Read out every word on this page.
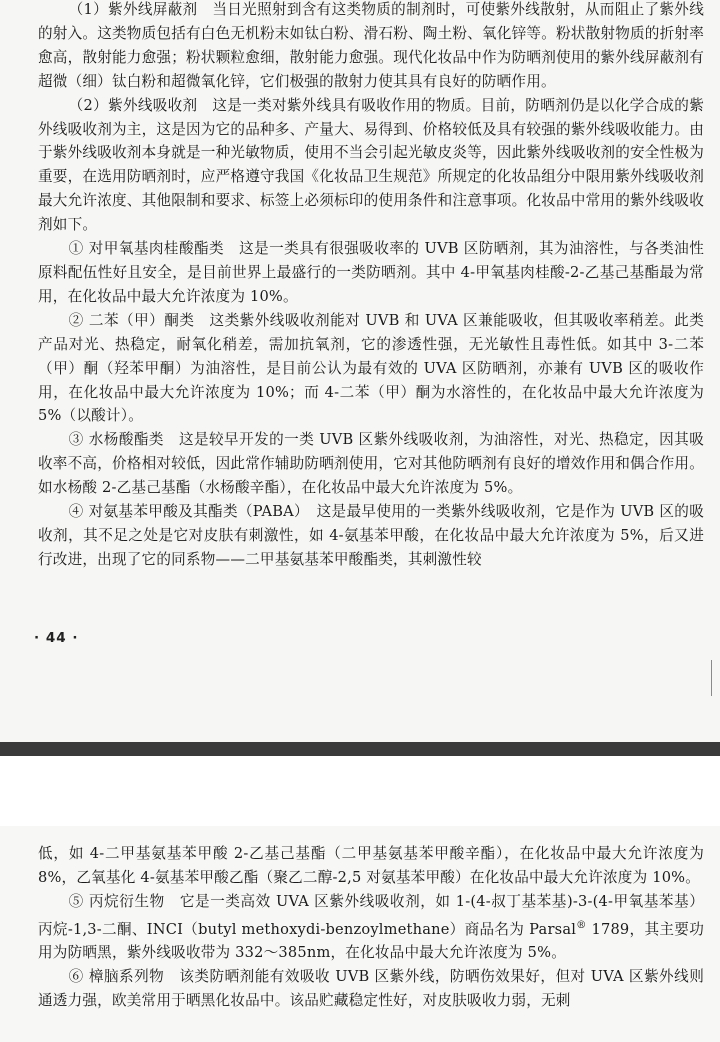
（1）紫外线屏蔽剂　当日光照射到含有这类物质的制剂时，可使紫外线散射，从而阻止了紫外线的射入。这类物质包括有白色无机粉末如钛白粉、滑石粉、陶土粉、氧化锌等。粉状散射物质的折射率愈高，散射能力愈强；粉状颗粒愈细，散射能力愈强。现代化妆品中作为防晒剂使用的紫外线屏蔽剂有超微（细）钛白粉和超微氧化锌，它们极强的散射力使其具有良好的防晒作用。

（2）紫外线吸收剂　这是一类对紫外线具有吸收作用的物质。目前，防晒剂仍是以化学合成的紫外线吸收剂为主，这是因为它的品种多、产量大、易得到、价格较低及具有较强的紫外线吸收能力。由于紫外线吸收剂本身就是一种光敏物质，使用不当会引起光敏皮炎等，因此紫外线吸收剂的安全性极为重要，在选用防晒剂时，应严格遵守我国《化妆品卫生规范》所规定的化妆品组分中限用紫外线吸收剂最大允许浓度、其他限制和要求、标签上必须标印的使用条件和注意事项。化妆品中常用的紫外线吸收剂如下。

① 对甲氧基肉桂酸酯类　这是一类具有很强吸收率的 UVB 区防晒剂，其为油溶性，与各类油性原料配伍性好且安全，是目前世界上最盛行的一类防晒剂。其中 4-甲氧基肉桂酸-2-乙基己基酯最为常用，在化妆品中最大允许浓度为 10%。

② 二苯（甲）酮类　这类紫外线吸收剂能对 UVB 和 UVA 区兼能吸收，但其吸收率稍差。此类产品对光、热稳定，耐氧化稍差，需加抗氧剂，它的渗透性强，无光敏性且毒性低。如其中 3-二苯（甲）酮（羟苯甲酮）为油溶性，是目前公认为最有效的 UVA 区防晒剂，亦兼有 UVB 区的吸收作用，在化妆品中最大允许浓度为 10%；而 4-二苯（甲）酮为水溶性的，在化妆品中最大允许浓度为 5%（以酸计）。

③ 水杨酸酯类　这是较早开发的一类 UVB 区紫外线吸收剂，为油溶性，对光、热稳定，因其吸收率不高，价格相对较低，因此常作辅助防晒剂使用，它对其他防晒剂有良好的增效作用和偶合作用。如水杨酸 2-乙基己基酯（水杨酸辛酯），在化妆品中最大允许浓度为 5%。

④ 对氨基苯甲酸及其酯类（PABA）　这是最早使用的一类紫外线吸收剂，它是作为 UVB 区的吸收剂，其不足之处是它对皮肤有刺激性，如 4-氨基苯甲酸，在化妆品中最大允许浓度为 5%，后又进行改进，出现了它的同系物——二甲基氨基苯甲酸酯类，其刺激性较

· 44 ·

低，如 4-二甲基氨基苯甲酸 2-乙基己基酯（二甲基氨基苯甲酸辛酯），在化妆品中最大允许浓度为 8%，乙氧基化 4-氨基苯甲酸乙酯（聚乙二醇-2,5 对氨基苯甲酸）在化妆品中最大允许浓度为 10%。

⑤ 丙烷衍生物　它是一类高效 UVA 区紫外线吸收剂，如 1-(4-叔丁基苯基)-3-(4-甲氧基苯基）丙烷-1,3-二酮、INCI（butyl methoxydi-benzoylmethane）商品名为 Parsal® 1789，其主要功用为防晒黑，紫外线吸收带为 332～385nm，在化妆品中最大允许浓度为 5%。

⑥ 樟脑系列物　该类防晒剂能有效吸收 UVB 区紫外线，防晒伤效果好，但对 UVA 区紫外线则通透力强，欧美常用于晒黑化妆品中。该品贮藏稳定性好，对皮肤吸收力弱，无刺
